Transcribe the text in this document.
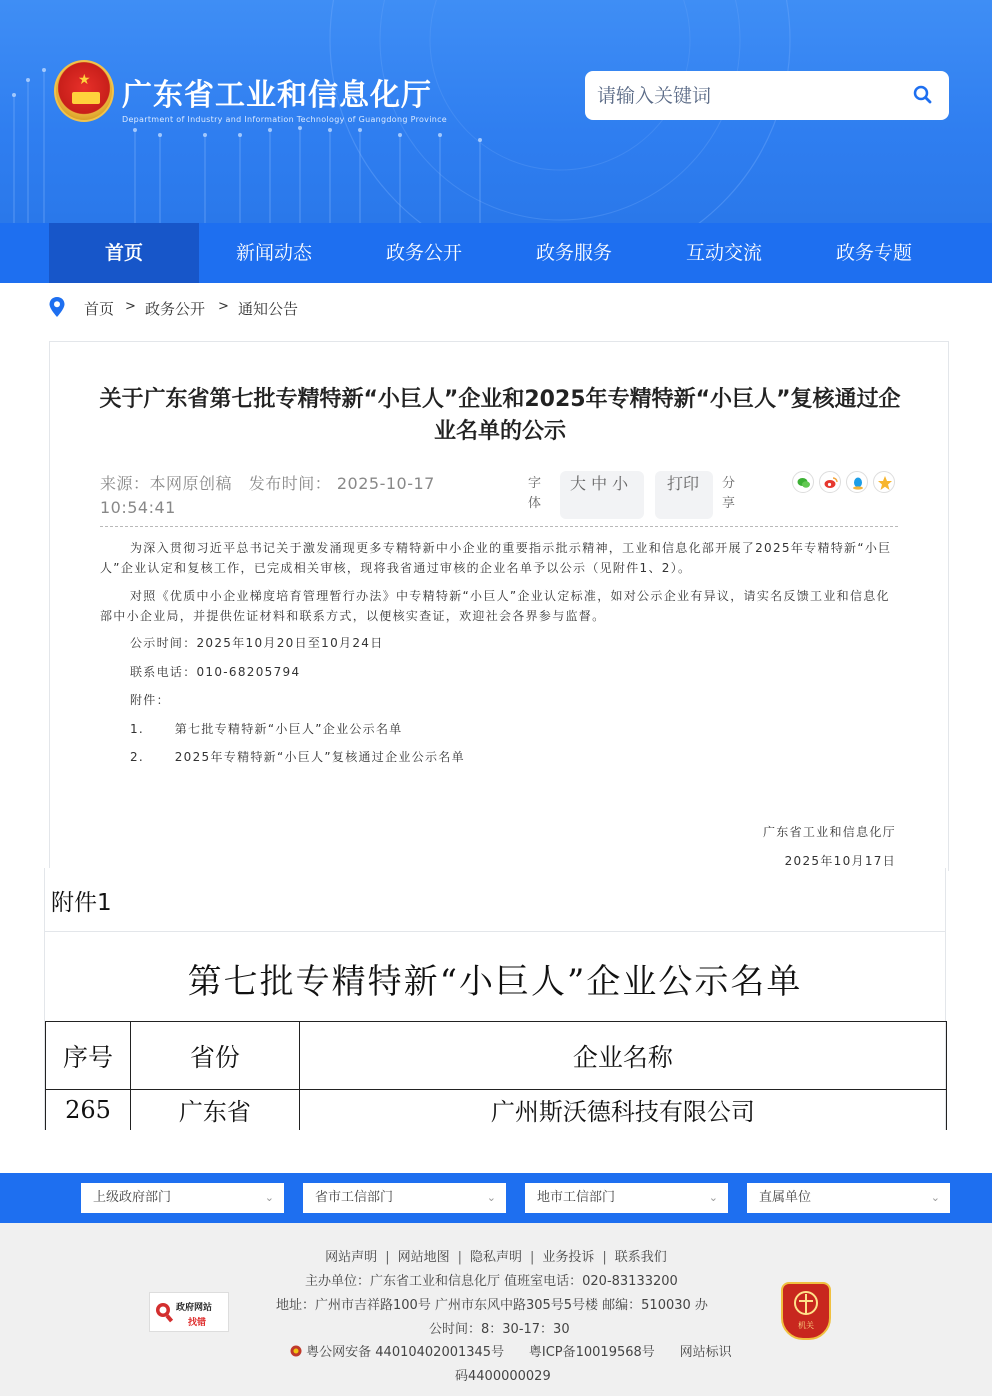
★ 广东省工业和信息化厅
Department of Industry and Information Technology of Guangdong Province
请输入关键词
首页	新闻动态	政务公开	政务服务	互动交流	政务专题
首页 > 政务公开 > 通知公告
关于广东省第七批专精特新“小巨人”企业和2025年专精特新“小巨人”复核通过企业名单的公示
来源：本网原创稿 发布时间： 2025-10-17 10:54:41
字体
大 中 小	打印	分享

为深入贯彻习近平总书记关于激发涌现更多专精特新中小企业的重要指示批示精神，工业和信息化部开展了2025年专精特新“小巨人”企业认定和复核工作，已完成相关审核，现将我省通过审核的企业名单予以公示（见附件1、2）。

对照《优质中小企业梯度培育管理暂行办法》中专精特新“小巨人”企业认定标准，如对公示企业有异议，请实名反馈工业和信息化部中小企业局，并提供佐证材料和联系方式，以便核实查证，欢迎社会各界参与监督。

公示时间：2025年10月20日至10月24日
联系电话：010-68205794
附件：
1.      第七批专精特新“小巨人”企业公示名单
2.      2025年专精特新“小巨人”复核通过企业公示名单
广东省工业和信息化厅
2025年10月17日
附件1
第七批专精特新“小巨人”企业公示名单
序号	省份	企业名称
265	广东省	广州斯沃德科技有限公司
上级政府部门	⌄	省市工信部门	⌄	地市工信部门	⌄	直属单位	⌄
网站声明 | 网站地图 | 隐私声明 | 业务投诉 | 联系我们
主办单位：广东省工业和信息化厅 值班室电话：020-83133200
地址：广州市吉祥路100号 广州市东风中路305号5号楼 邮编：510030 办
公时间：8：30-17：30
粤公网安备 44010402001345号      粤ICP备10019568号      网站标识
码4400000029
政府网站
找错	机关
